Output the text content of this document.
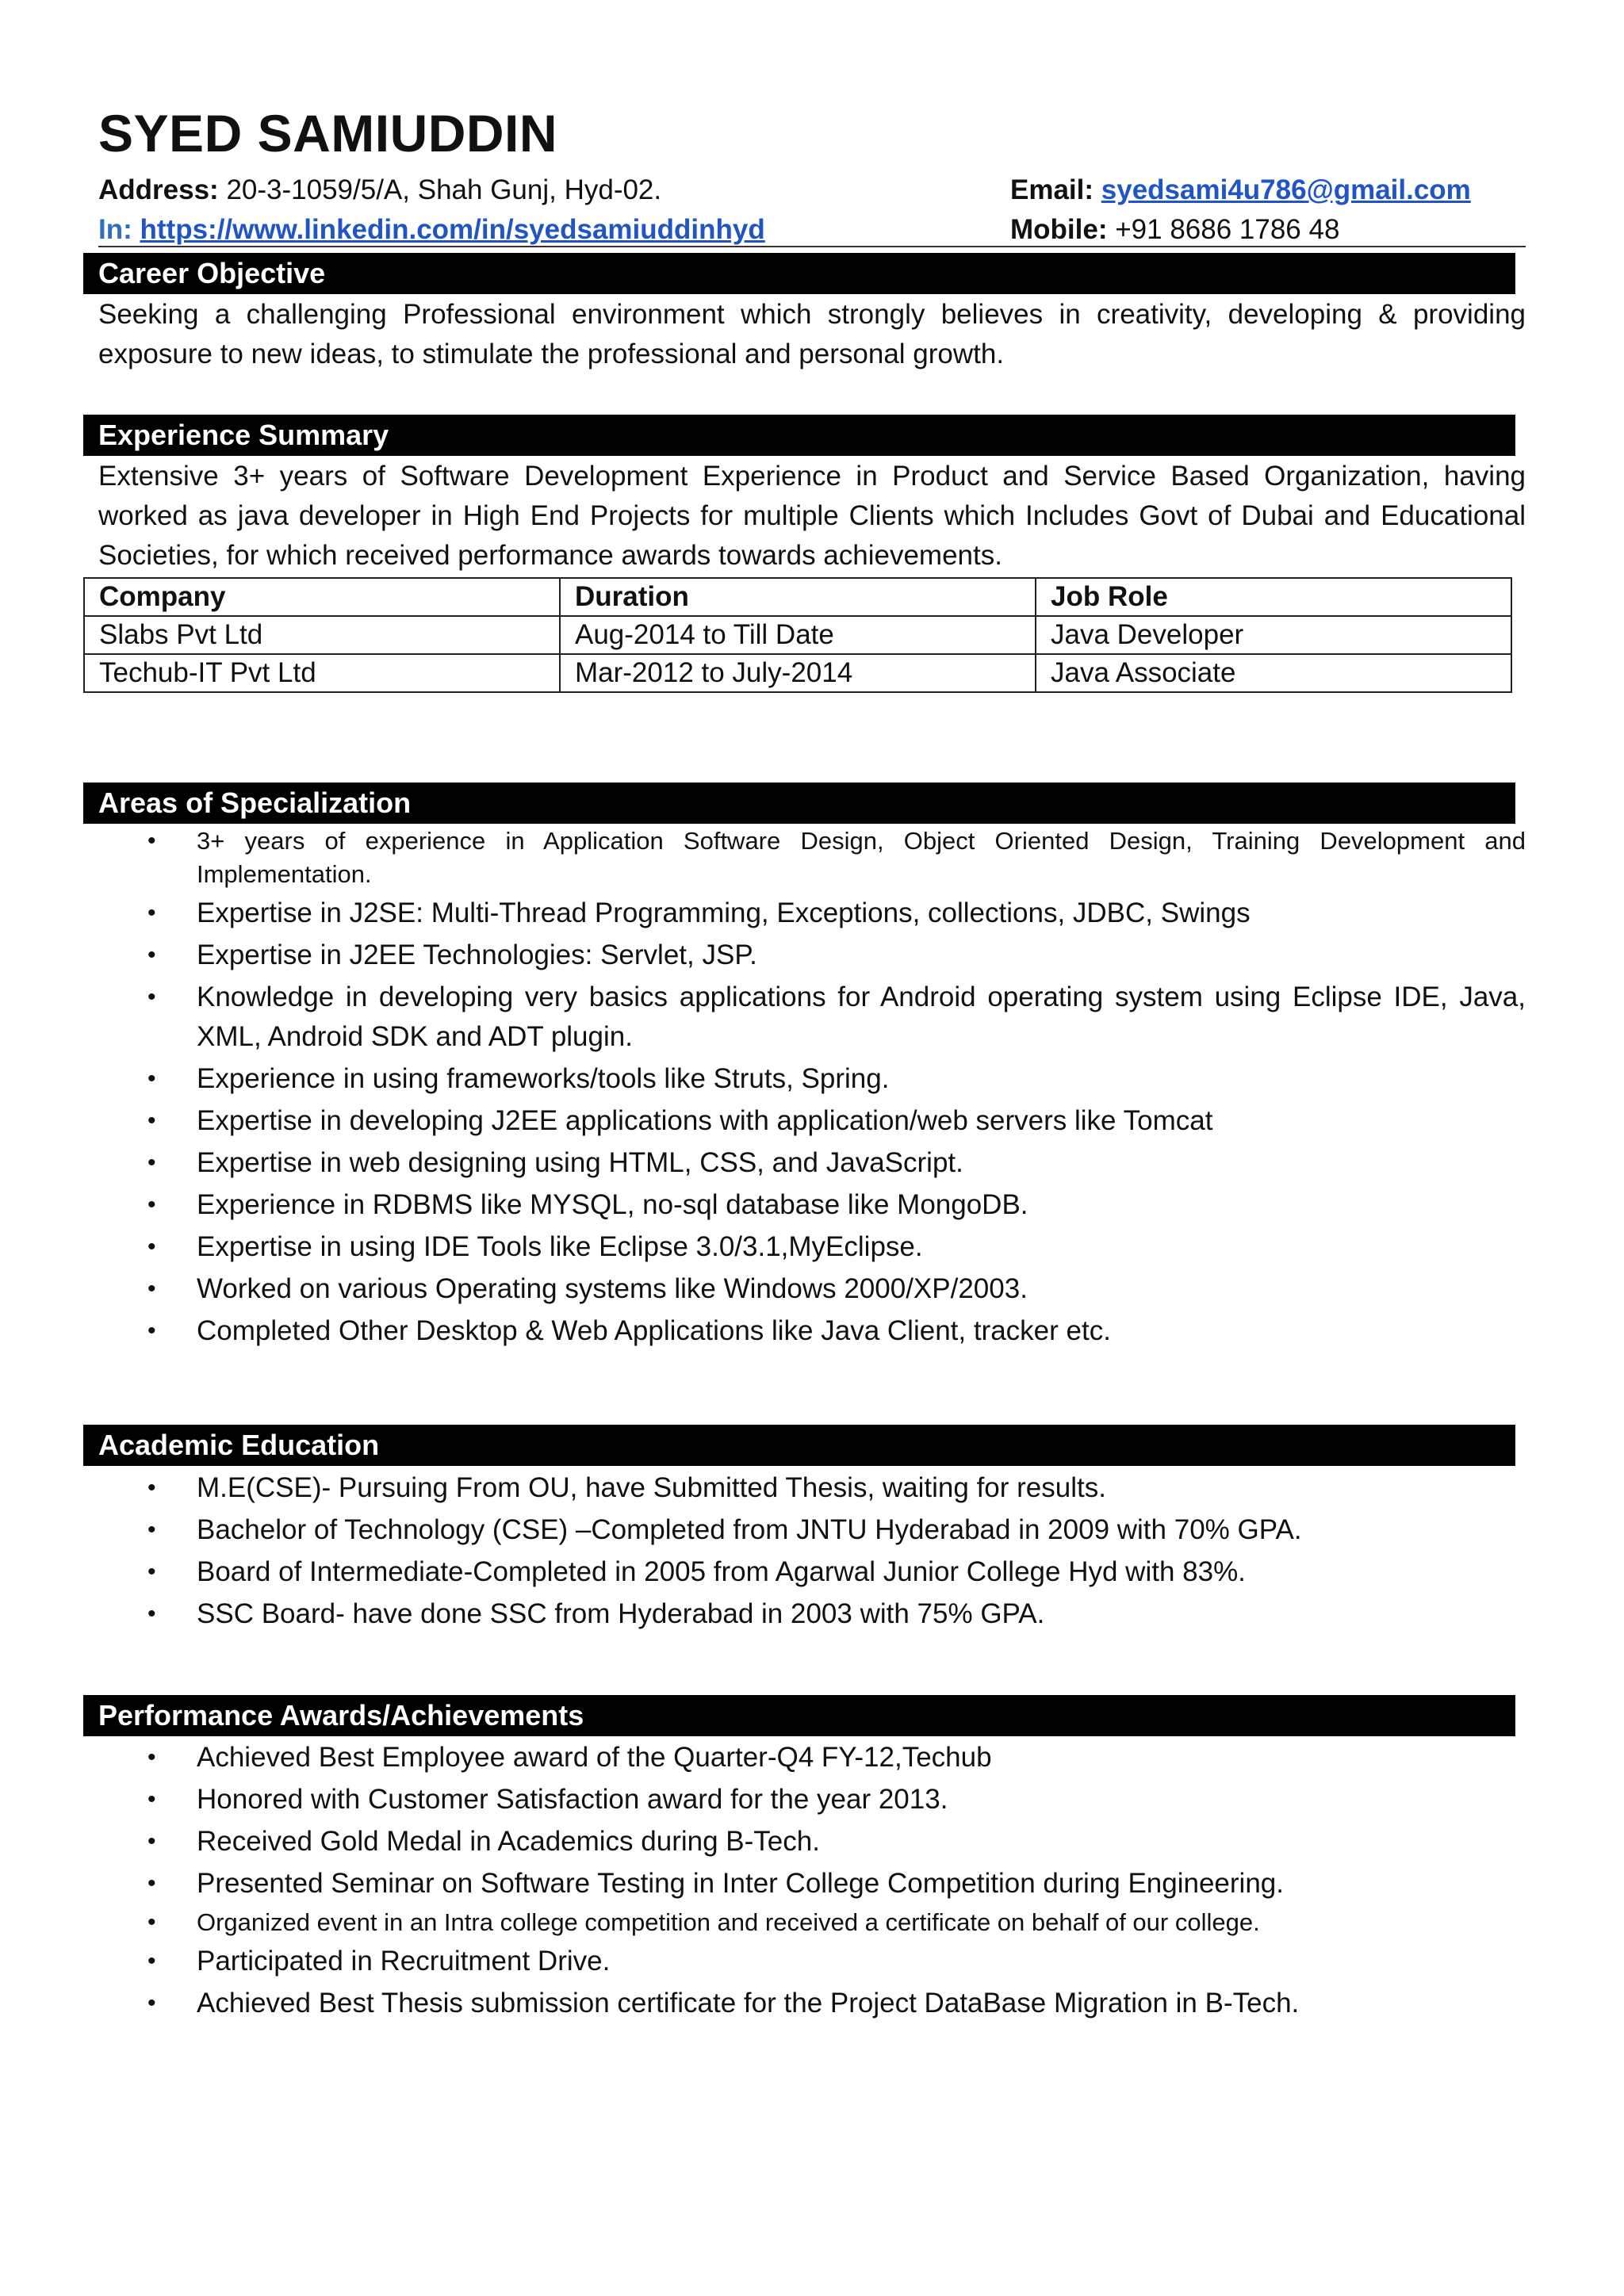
SYED SAMIUDDIN
Address: 20-3-1059/5/A, Shah Gunj, Hyd-02.	Email: syedsami4u786@gmail.com
In: https://www.linkedin.com/in/syedsamiuddinhyd	Mobile: +91 8686 1786 48
Career Objective
Seeking a challenging Professional environment which strongly believes in creativity, developing & providing exposure to new ideas, to stimulate the professional and personal growth.
Experience Summary
Extensive 3+ years of Software Development Experience in Product and Service Based Organization, having worked as java developer in High End Projects for multiple Clients which Includes Govt of Dubai and Educational Societies, for which received performance awards towards achievements.
Company	Duration	Job Role
Slabs Pvt Ltd	Aug-2014 to Till Date	Java Developer
Techub-IT Pvt Ltd	Mar-2012 to July-2014	Java Associate
Areas of Specialization
• 3+ years of experience in Application Software Design, Object Oriented Design, Training Development and Implementation.
• Expertise in J2SE: Multi-Thread Programming, Exceptions, collections, JDBC, Swings
• Expertise in J2EE Technologies: Servlet, JSP.
• Knowledge in developing very basics applications for Android operating system using Eclipse IDE, Java, XML, Android SDK and ADT plugin.
• Experience in using frameworks/tools like Struts, Spring.
• Expertise in developing J2EE applications with application/web servers like Tomcat
• Expertise in web designing using HTML, CSS, and JavaScript.
• Experience in RDBMS like MYSQL, no-sql database like MongoDB.
• Expertise in using IDE Tools like Eclipse 3.0/3.1,MyEclipse.
• Worked on various Operating systems like Windows 2000/XP/2003.
• Completed Other Desktop & Web Applications like Java Client, tracker etc.
Academic Education
• M.E(CSE)- Pursuing From OU, have Submitted Thesis, waiting for results.
• Bachelor of Technology (CSE) –Completed from JNTU Hyderabad in 2009 with 70% GPA.
• Board of Intermediate-Completed in 2005 from Agarwal Junior College Hyd with 83%.
• SSC Board- have done SSC from Hyderabad in 2003 with 75% GPA.
Performance Awards/Achievements
• Achieved Best Employee award of the Quarter-Q4 FY-12,Techub
• Honored with Customer Satisfaction award for the year 2013.
• Received Gold Medal in Academics during B-Tech.
• Presented Seminar on Software Testing in Inter College Competition during Engineering.
• Organized event in an Intra college competition and received a certificate on behalf of our college.
• Participated in Recruitment Drive.
• Achieved Best Thesis submission certificate for the Project DataBase Migration in B-Tech.
